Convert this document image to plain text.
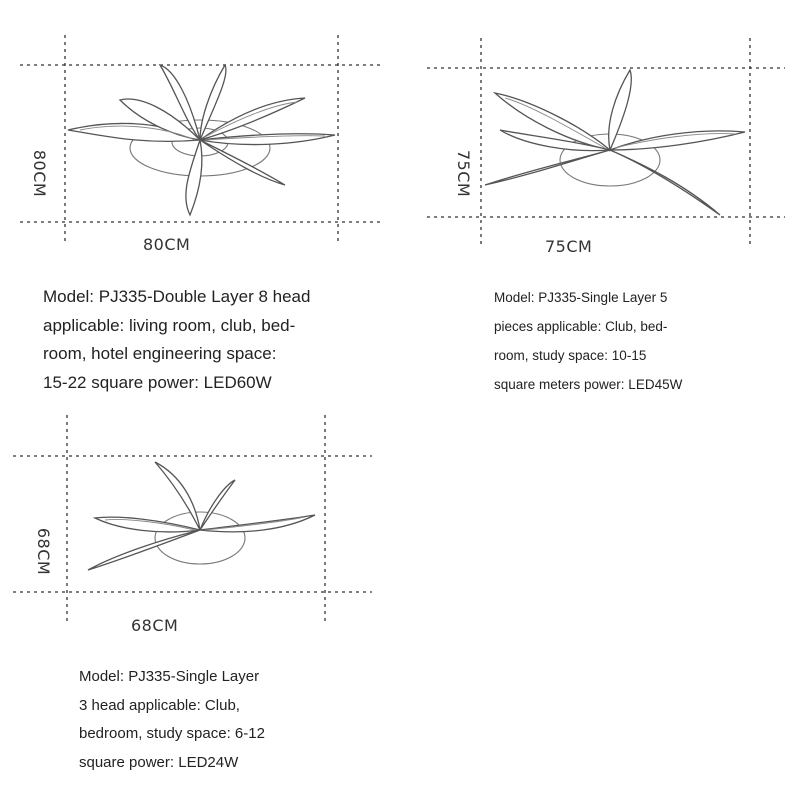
80CM
80CM

Model: PJ335-Double Layer 8 head
applicable: living room, club, bed-
room, hotel engineering space:
15-22 square power: LED60W

75CM
75CM

Model: PJ335-Single Layer 5
pieces applicable: Club, bed-
room, study space: 10-15
square meters power: LED45W

68CM
68CM

Model: PJ335-Single Layer
3 head applicable: Club,
bedroom, study space: 6-12
square power: LED24W
